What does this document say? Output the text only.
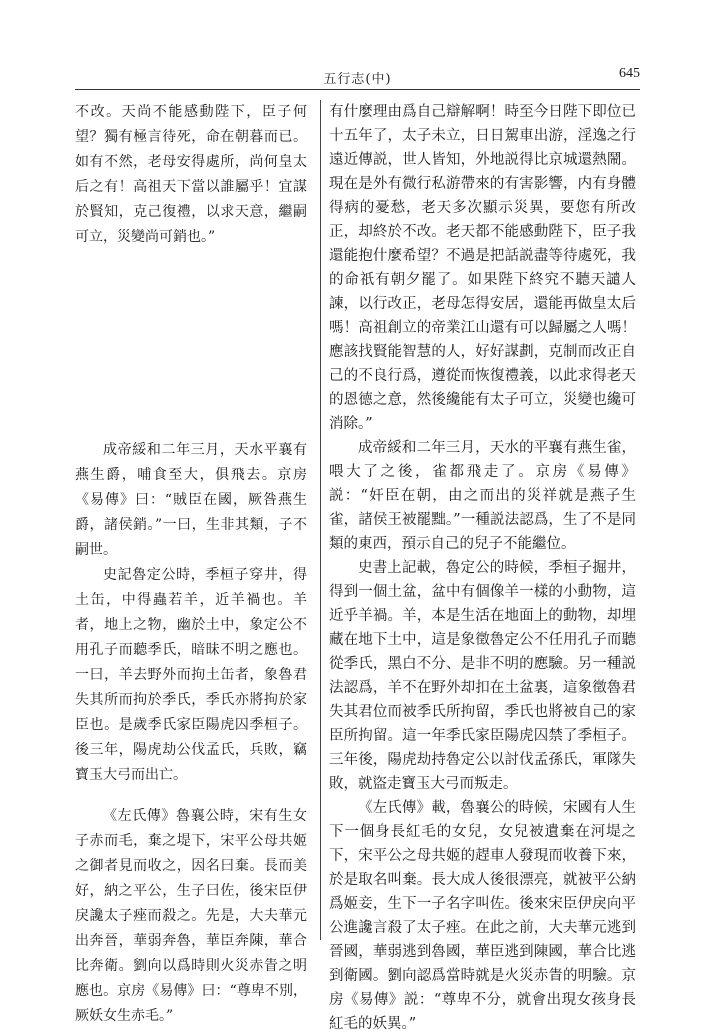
五行志(中)	645

不改。天尚不能感動陛下，臣子何望？獨有極言待死，命在朝暮而已。如有不然，老母安得處所，尚何皇太后之有！高祖天下當以誰屬乎！宜謀於賢知，克己復禮，以求天意，繼嗣可立，災變尚可銷也。”

成帝綏和二年三月，天水平襄有燕生爵，哺食至大，俱飛去。京房《易傳》曰：“賊臣在國，厥咎燕生爵，諸侯銷。”一曰，生非其類，子不嗣世。

史記魯定公時，季桓子穿井，得土缶，中得蟲若羊，近羊禍也。羊者，地上之物，幽於土中，象定公不用孔子而聽季氏，暗昧不明之應也。一曰，羊去野外而拘土缶者，象魯君失其所而拘於季氏，季氏亦將拘於家臣也。是歲季氏家臣陽虎囚季桓子。後三年，陽虎劫公伐孟氏，兵敗，竊寶玉大弓而出亡。

《左氏傳》魯襄公時，宋有生女子赤而毛，棄之堤下，宋平公母共姬之御者見而收之，因名曰棄。長而美好，納之平公，生子曰佐，後宋臣伊戾讒太子痤而殺之。先是，大夫華元出奔晉，華弱奔魯，華臣奔陳，華合比奔衛。劉向以爲時則火災赤眚之明應也。京房《易傳》曰：“尊卑不別，厥妖女生赤毛。”

有什麼理由爲自己辯解啊！時至今日陛下即位已十五年了，太子未立，日日駕車出游，淫逸之行遠近傳説，世人皆知，外地説得比京城還熱鬧。現在是外有微行私游帶來的有害影響，内有身體得病的憂愁，老天多次顯示災異，要您有所改正，却終於不改。老天都不能感動陛下，臣子我還能抱什麼希望？不過是把話説盡等待處死，我的命祇有朝夕罷了。如果陛下終究不聽天譴人諫，以行改正，老母怎得安居，還能再做皇太后嗎！高祖創立的帝業江山還有可以歸屬之人嗎！應該找賢能智慧的人，好好謀劃，克制而改正自己的不良行爲，遵從而恢復禮義，以此求得老天的恩德之意，然後纔能有太子可立，災變也纔可消除。”

成帝綏和二年三月，天水的平襄有燕生雀，喂大了之後，雀都飛走了。京房《易傳》説：“奸臣在朝，由之而出的災祥就是燕子生雀，諸侯王被罷黜。”一種説法認爲，生了不是同類的東西，預示自己的兒子不能繼位。

史書上記載，魯定公的時候，季桓子掘井，得到一個土盆，盆中有個像羊一樣的小動物，這近乎羊禍。羊，本是生活在地面上的動物，却埋藏在地下土中，這是象徵魯定公不任用孔子而聽從季氏，黑白不分、是非不明的應驗。另一種説法認爲，羊不在野外却扣在土盆裏，這象徵魯君失其君位而被季氏所拘留，季氏也將被自己的家臣所拘留。這一年季氏家臣陽虎囚禁了季桓子。三年後，陽虎劫持魯定公以討伐孟孫氏，軍隊失敗，就盜走寶玉大弓而叛走。

《左氏傳》載，魯襄公的時候，宋國有人生下一個身長紅毛的女兒，女兒被遺棄在河堤之下，宋平公之母共姬的趕車人發現而收養下來，於是取名叫棄。長大成人後很漂亮，就被平公納爲姬妾，生下一子名字叫佐。後來宋臣伊戾向平公進讒言殺了太子痤。在此之前，大夫華元逃到晉國，華弱逃到魯國，華臣逃到陳國，華合比逃到衛國。劉向認爲當時就是火災赤眚的明驗。京房《易傳》説：“尊卑不分，就會出現女孩身長紅毛的妖異。”
